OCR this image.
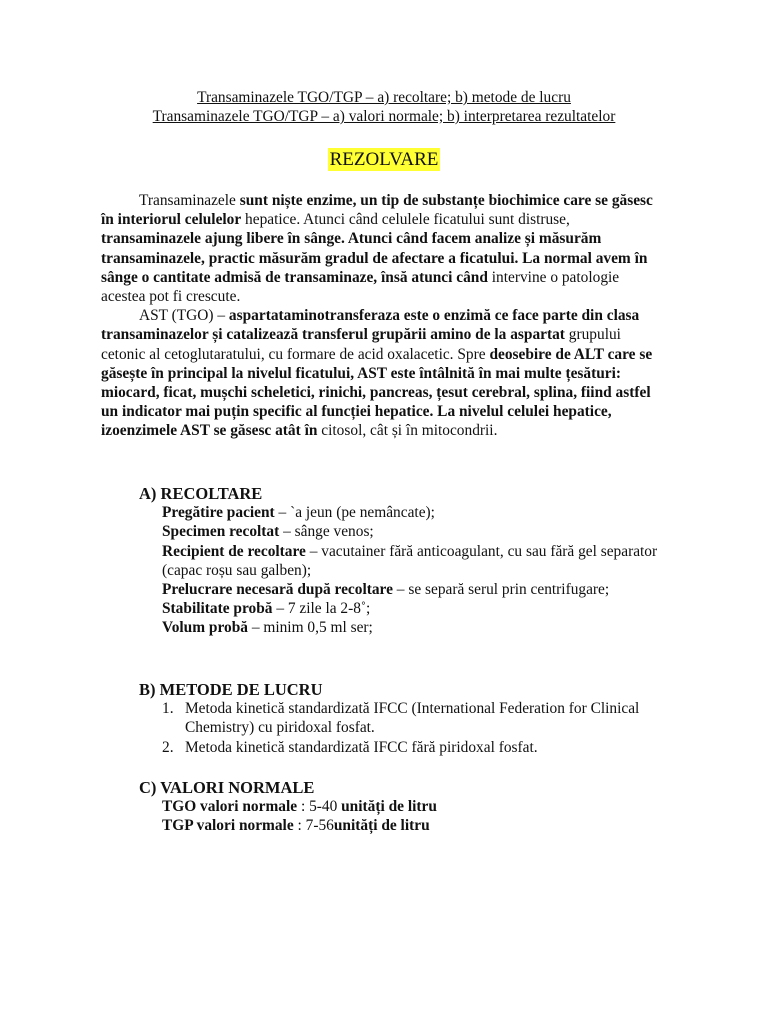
Transaminazele TGO/TGP – a) recoltare; b) metode de lucru
Transaminazele TGO/TGP – a) valori normale; b) interpretarea rezultatelor
REZOLVARE

Transaminazele sunt niște enzime, un tip de substanțe biochimice care se găsesc în interiorul celulelor hepatice. Atunci când celulele ficatului sunt distruse, transaminazele ajung libere în sânge. Atunci când facem analize și măsurăm transaminazele, practic măsurăm gradul de afectare a ficatului. La normal avem în sânge o cantitate admisă de transaminaze, însă atunci când intervine o patologie acestea pot fi crescute.

AST (TGO) – aspartataminotransferaza este o enzimă ce face parte din clasa transaminazelor și catalizează transferul grupării amino de la aspartat grupului cetonic al cetoglutaratului, cu formare de acid oxalacetic. Spre deosebire de ALT care se găsește în principal la nivelul ficatului, AST este întâlnită în mai multe țesături: miocard, ficat, mușchi scheletici, rinichi, pancreas, țesut cerebral, splina, fiind astfel un indicator mai puțin specific al funcției hepatice. La nivelul celulei hepatice, izoenzimele AST se găsesc atât în citosol, cât și în mitocondrii.

A) RECOLTARE

Pregătire pacient – `a jeun (pe nemâncate);

Specimen recoltat – sânge venos;

Recipient de recoltare – vacutainer fără anticoagulant, cu sau fără gel separator (capac roșu sau galben);

Prelucrare necesară după recoltare – se separă serul prin centrifugare;

Stabilitate probă – 7 zile la 2-8˚;

Volum probă – minim 0,5 ml ser;

B) METODE DE LUCRU
1. Metoda kinetică standardizată IFCC (International Federation for Clinical Chemistry) cu piridoxal fosfat.
2. Metoda kinetică standardizată IFCC fără piridoxal fosfat.
C) VALORI NORMALE

TGO valori normale : 5-40 unități de litru

TGP valori normale : 7-56unități de litru
